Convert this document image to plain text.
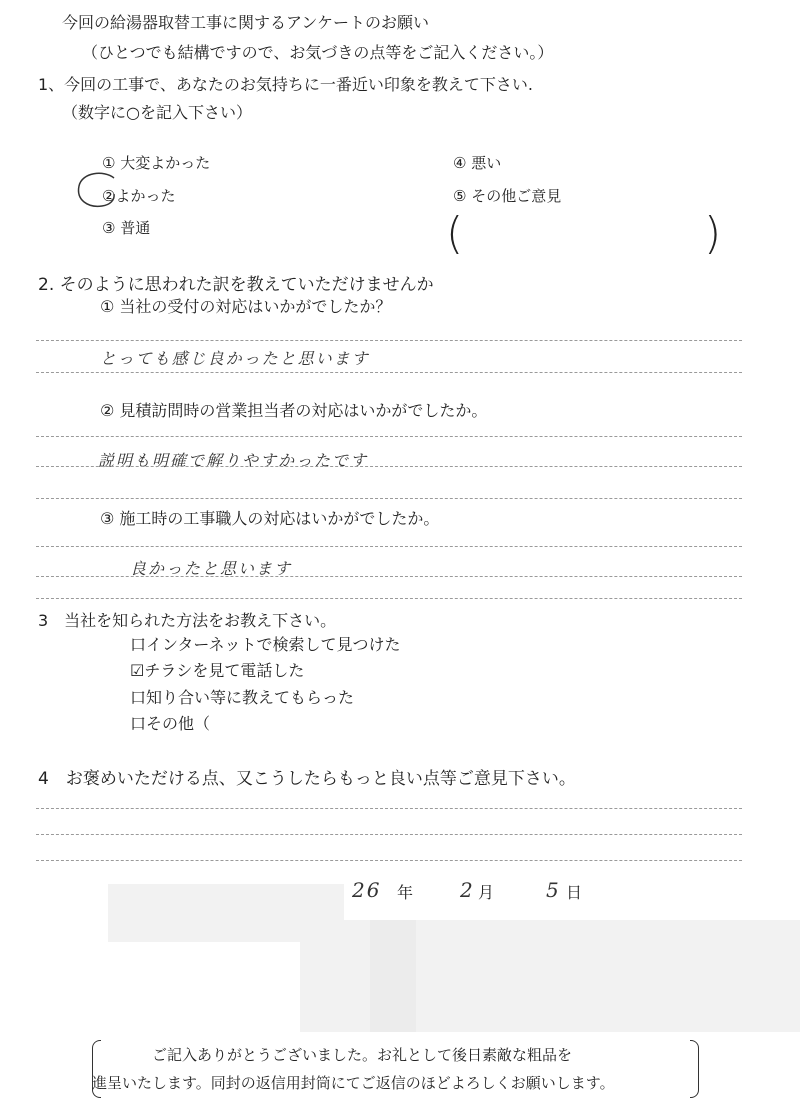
今回の給湯器取替工事に関するアンケートのお願い
（ひとつでも結構ですので、お気づきの点等をご記入ください。）
1、今回の工事で、あなたのお気持ちに一番近い印象を教えて下さい.
（数字に○を記入下さい）
① 大変よかった
②よかった
③ 普通
④ 悪い
⑤ その他ご意見
(	)
2. そのように思われた訳を教えていただけませんか
① 当社の受付の対応はいかがでしたか？
とっても感じ良かったと思います
② 見積訪問時の営業担当者の対応はいかがでしたか。
説明も明確で解りやすかったです
③ 施工時の工事職人の対応はいかがでしたか。
良かったと思います
3　当社を知られた方法をお教え下さい。
口インターネットで検索して見つけた
☑チラシを見て電話した
口知り合い等に教えてもらった
口その他（
4　お褒めいただける点、又こうしたらもっと良い点等ご意見下さい。
26 年 2 月	5 日
ご記入ありがとうございました。お礼として後日素敵な粗品を
進呈いたします。同封の返信用封筒にてご返信のほどよろしくお願いします。
